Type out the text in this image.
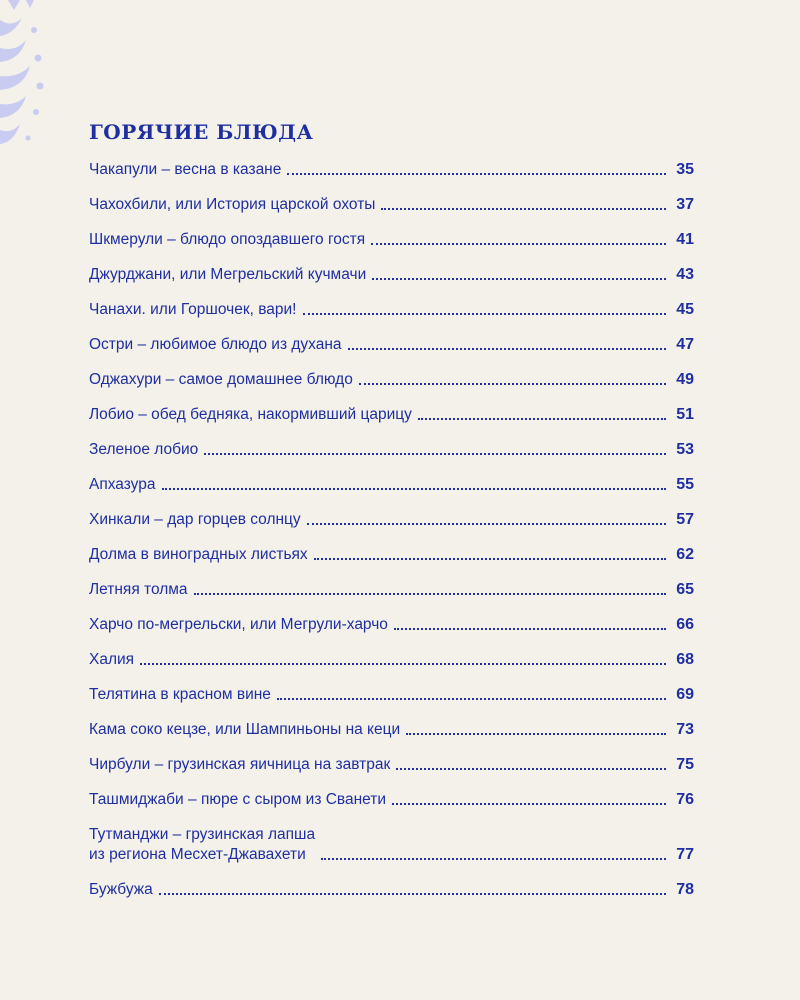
ГОРЯЧИЕ БЛЮДА
Чакапули – весна в казане	35
Чахохбили, или История царской охоты	37
Шкмерули – блюдо опоздавшего гостя	41
Джурджани, или Мегрельский кучмачи	43
Чанахи. или Горшочек, вари!	45
Остри – любимое блюдо из духана	47
Оджахури – самое домашнее блюдо	49
Лобио – обед бедняка, накормивший царицу	51
Зеленое лобио	53
Апхазура	55
Хинкали – дар горцев солнцу	57
Долма в виноградных листьях	62
Летняя толма	65
Харчо по-мегрельски, или Мегрули-харчо	66
Халия	68
Телятина в красном вине	69
Кама соко кецзе, или Шампиньоны на кеци	73
Чирбули – грузинская яичница на завтрак	75
Ташмиджаби – пюре с сыром из Сванети	76
Тутманджи – грузинская лапша
из региона Месхет-Джавахети	77
Бужбужа	78
